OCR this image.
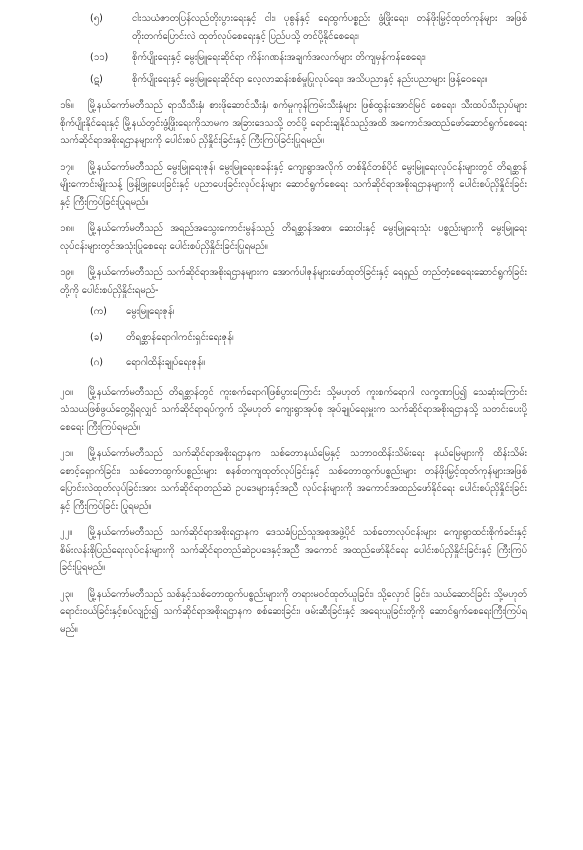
(၅)	ငါးသယံဇာတပြန်လည်တိုးပွားရေးနှင့် ငါး၊ ပုစွန်နှင့် ရေထွက်ပစ္စည်း ဖွံ့ဖြိုးရေး၊ တန်ဖိုးမြှင့်ထုတ်ကုန်များ အဖြစ် တိုးတက်ပြောင်းလဲ ထုတ်လုပ်စေရေးနှင့် ပြည်ပသို့ တင်ပို့နိုင်စေရေး၊
(၁၁)	စိုက်ပျိုးရေးနှင့် မွေးမြူရေးဆိုင်ရာ ကိန်းဂဏန်းအချက်အလက်များ တိကျမှန်ကန်စေရေး၊
(ဋ)	စိုက်ပျိုးရေးနှင့် မွေးမြူရေးဆိုင်ရာ လေ့လာဆန်းစစ်မှုပြုလုပ်ရေး၊ အသိပညာနှင့် နည်းပညာများ ဖြန့်ဝေရေး။
၁၆။ မြို့နယ်ကော်မတီသည် ရာသီသီးနှံ၊ စားဖိုဆောင်သီးနှံ၊ စက်မှုကုန်ကြမ်းသီးနှံများ ဖြစ်ထွန်းအောင်မြင် စေရေး၊ သီးထပ်သီးညှပ်များ စိုက်ပျိုးနိုင်ရေးနှင့် မြို့နယ်တွင်းဖွံ့ဖြိုးရေးကိုသာမက အခြားဒေသသို့ တင်ပို့ ရောင်းချနိုင်သည့်အထိ အကောင်အထည်ဖော်ဆောင်ရွက်စေရေး သက်ဆိုင်ရာအစိုးရဌာနများကို ပေါင်းစပ် ညှိနှိုင်းခြင်းနှင့် ကြီးကြပ်ခြင်းပြုရမည်။
၁၇။ မြို့နယ်ကော်မတီသည် မွေးမြူရေးဇုန်၊ မွေးမြူရေးစခန်းနှင့် ကျေးရွာအလိုက် တစ်နိုင်တစ်ပိုင် မွေးမြူရေးလုပ်ငန်းများတွင် တိရစ္ဆာန်မျိုးကောင်းမျိုးသန့် ဖြန့်ဖြူးပေးခြင်းနှင့် ပညာပေးခြင်းလုပ်ငန်းများ ဆောင်ရွက်စေရေး သက်ဆိုင်ရာအစိုးရဌာနများကို ပေါင်းစပ်ညှိနှိုင်းခြင်းနှင့် ကြီးကြပ်ခြင်းပြုရမည်။
၁၈။ မြို့နယ်ကော်မတီသည် အရည်အသွေးကောင်းမွန်သည့် တိရစ္ဆာန်အစာ၊ ဆေးဝါးနှင့် မွေးမြူရေးသုံး ပစ္စည်းများကို မွေးမြူရေးလုပ်ငန်းများတွင်အသုံးပြုစေရေး ပေါင်းစပ်ညှိနှိုင်းခြင်းပြုရမည်။
၁၉။ မြို့နယ်ကော်မတီသည် သက်ဆိုင်ရာအစိုးရဌာနများက အောက်ပါဇုန်များဖော်ထုတ်ခြင်းနှင့် ရေရှည် တည်တံ့စေရေးဆောင်ရွက်ခြင်းတို့ကို ပေါင်းစပ်ညှိနှိုင်းရမည်-
(က)	မွေးမြူရေးဇုန်၊
(ခ)	တိရစ္ဆာန်ရောဂါကင်းရှင်းရေးဇုန်၊
(ဂ)	ရောဂါထိန်းချုပ်ရေးဇုန်။
၂၀။ မြို့နယ်ကော်မတီသည် တိရစ္ဆာန်တွင် ကူးစက်ရောဂါဖြစ်ပွားကြောင်း သို့မဟုတ် ကူးစက်ရောဂါ လက္ခဏာပြ၍ သေဆုံးကြောင်း သံသယဖြစ်ဖွယ်တွေ့ရှိရလျှင် သက်ဆိုင်ရာရပ်ကွက် သို့မဟုတ် ကျေးရွာအုပ်စု အုပ်ချုပ်ရေးမှူးက သက်ဆိုင်ရာအစိုးရဌာနသို့ သတင်းပေးပို့စေရေး ကြီးကြပ်ရမည်။
၂၁။ မြို့နယ်ကော်မတီသည် သက်ဆိုင်ရာအစိုးရဌာနက သစ်တောနယ်မြေနှင့် သဘာဝထိန်းသိမ်းရေး နယ်မြေများကို ထိန်းသိမ်းစောင့်ရှောက်ခြင်း၊ သစ်တောထွက်ပစ္စည်းများ စနစ်တကျထုတ်လုပ်ခြင်းနှင့် သစ်တောထွက်ပစ္စည်းများ တန်ဖိုးမြှင့်ထုတ်ကုန်များအဖြစ် ပြောင်းလဲထုတ်လုပ်ခြင်းအား သက်ဆိုင်ရာတည်ဆဲ ဥပဒေများနှင့်အညီ လုပ်ငန်းများကို အကောင်အထည်ဖော်နိုင်ရေး ပေါင်းစပ်ညှိနှိုင်းခြင်းနှင့် ကြီးကြပ်ခြင်း ပြုရမည်။
၂၂။ မြို့နယ်ကော်မတီသည် သက်ဆိုင်ရာအစိုးရဌာနက ဒေသခံပြည်သူအစုအဖွဲ့ပိုင် သစ်တောလုပ်ငန်းများ ကျေးရွာထင်းစိုက်ခင်းနှင့် စိမ်းလန်းစိုပြည်ရေးလုပ်ငန်းများကို သက်ဆိုင်ရာတည်ဆဲဥပဒေနှင့်အညီ အကောင် အထည်ဖော်နိုင်ရေး ပေါင်းစပ်ညှိနှိုင်းခြင်းနှင့် ကြီးကြပ်ခြင်းပြုရမည်။
၂၃။ မြို့နယ်ကော်မတီသည် သစ်နှင့်သစ်တောထွက်ပစ္စည်းများကို တရားမဝင်ထုတ်ယူခြင်း၊ သို့လှောင် ခြင်း၊ သယ်ဆောင်ခြင်း သို့မဟုတ် ရောင်းဝယ်ခြင်းနှင့်စပ်လျဉ်း၍ သက်ဆိုင်ရာအစိုးရဌာနက စစ်ဆေးခြင်း၊ ဖမ်းဆီးခြင်းနှင့် အရေးယူခြင်းတို့ကို ဆောင်ရွက်စေရေးကြီးကြပ်ရမည်။
